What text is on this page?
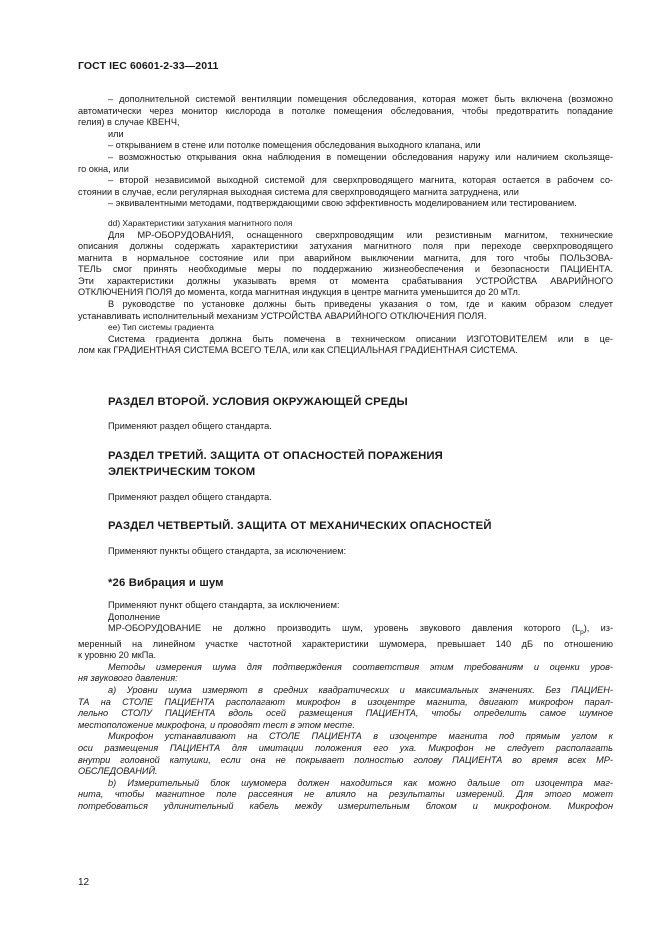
ГОСТ IEC 60601-2-33—2011
– дополнительной системой вентиляции помещения обследования, которая может быть включена (возможно
автоматически через монитор кислорода в потолке помещения обследования, чтобы предотвратить попадание
гелия) в случае КВЕНЧ,
или
– открыванием в стене или потолке помещения обследования выходного клапана, или
– возможностью открывания окна наблюдения в помещении обследования наружу или наличием скользяще-
го окна, или
– второй независимой выходной системой для сверхпроводящего магнита, которая остается в рабочем со-
стоянии в случае, если регулярная выходная система для сверхпроводящего магнита затруднена, или
– эквивалентными методами, подтверждающими свою эффективность моделированием или тестированием.
dd) Характеристики затухания магнитного поля
Для МР-ОБОРУДОВАНИЯ, оснащенного сверхпроводящим или резистивным магнитом, технические
описания должны содержать характеристики затухания магнитного поля при переходе сверхпроводящего
магнита в нормальное состояние или при аварийном выключении магнита, для того чтобы ПОЛЬЗОВА-
ТЕЛЬ смог принять необходимые меры по поддержанию жизнеобеспечения и безопасности ПАЦИЕНТА.
Эти характеристики должны указывать время от момента срабатывания УСТРОЙСТВА АВАРИЙНОГО
ОТКЛЮЧЕНИЯ ПОЛЯ до момента, когда магнитная индукция в центре магнита уменьшится до 20 мТл.
В руководстве по установке должны быть приведены указания о том, где и каким образом следует
устанавливать исполнительный механизм УСТРОЙСТВА АВАРИЙНОГО ОТКЛЮЧЕНИЯ ПОЛЯ.
ее) Тип системы градиента
Система градиента должна быть помечена в техническом описании ИЗГОТОВИТЕЛЕМ или в це-
лом как ГРАДИЕНТНАЯ СИСТЕМА ВСЕГО ТЕЛА, или как СПЕЦИАЛЬНАЯ ГРАДИЕНТНАЯ СИСТЕМА.
РАЗДЕЛ ВТОРОЙ. УСЛОВИЯ ОКРУЖАЮЩЕЙ СРЕДЫ
Применяют раздел общего стандарта.
РАЗДЕЛ ТРЕТИЙ. ЗАЩИТА ОТ ОПАСНОСТЕЙ ПОРАЖЕНИЯ
ЭЛЕКТРИЧЕСКИМ ТОКОМ
Применяют раздел общего стандарта.
РАЗДЕЛ ЧЕТВЕРТЫЙ. ЗАЩИТА ОТ МЕХАНИЧЕСКИХ ОПАСНОСТЕЙ
Применяют пункты общего стандарта, за исключением:
*26 Вибрация и шум
Применяют пункт общего стандарта, за исключением:
Дополнение
МР-ОБОРУДОВАНИЕ не должно производить шум, уровень звукового давления которого $(L_p)$, из-
меренный на линейном участке частотной характеристики шумомера, превышает 140 дБ по отношению
к уровню 20 мкПа.
Методы измерения шума для подтверждения соответствия этим требованиям и оценки уров-
ня звукового давления:
a) Уровни шума измеряют в средних квадратических и максимальных значениях. Без ПАЦИЕН-
ТА на СТОЛЕ ПАЦИЕНТА располагают микрофон в изоцентре магнита, двигают микрофон парал-
лельно СТОЛУ ПАЦИЕНТА вдоль осей размещения ПАЦИЕНТА, чтобы определить самое шумное
местоположение микрофона, и проводят тест в этом месте.
Микрофон устанавливают на СТОЛЕ ПАЦИЕНТА в изоцентре магнита под прямым углом к
оси размещения ПАЦИЕНТА для имитации положения его уха. Микрофон не следует располагать
внутри головной катушки, если она не покрывает полностью голову ПАЦИЕНТА во время всех МР-
ОБСЛЕДОВАНИЙ.
b) Измерительный блок шумомера должен находиться как можно дальше от изоцентра маг-
нита, чтобы магнитное поле рассеяния не влияло на результаты измерений. Для этого может
потребоваться удлинительный кабель между измерительным блоком и микрофоном. Микрофон
12
